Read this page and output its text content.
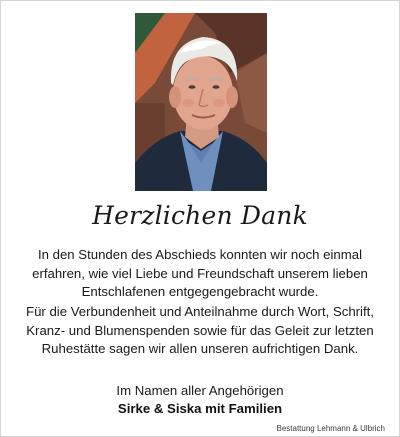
Herzlichen Dank
In den Stunden des Abschieds konnten wir noch einmal erfahren, wie viel Liebe und Freundschaft unserem lieben Entschlafenen entgegengebracht wurde.
Für die Verbundenheit und Anteilnahme durch Wort, Schrift, Kranz- und Blumenspenden sowie für das Geleit zur letzten Ruhestätte sagen wir allen unseren aufrichtigen Dank.
Im Namen aller Angehörigen
Sirke & Siska mit Familien
Bestattung Lehmann & Ulbrich
